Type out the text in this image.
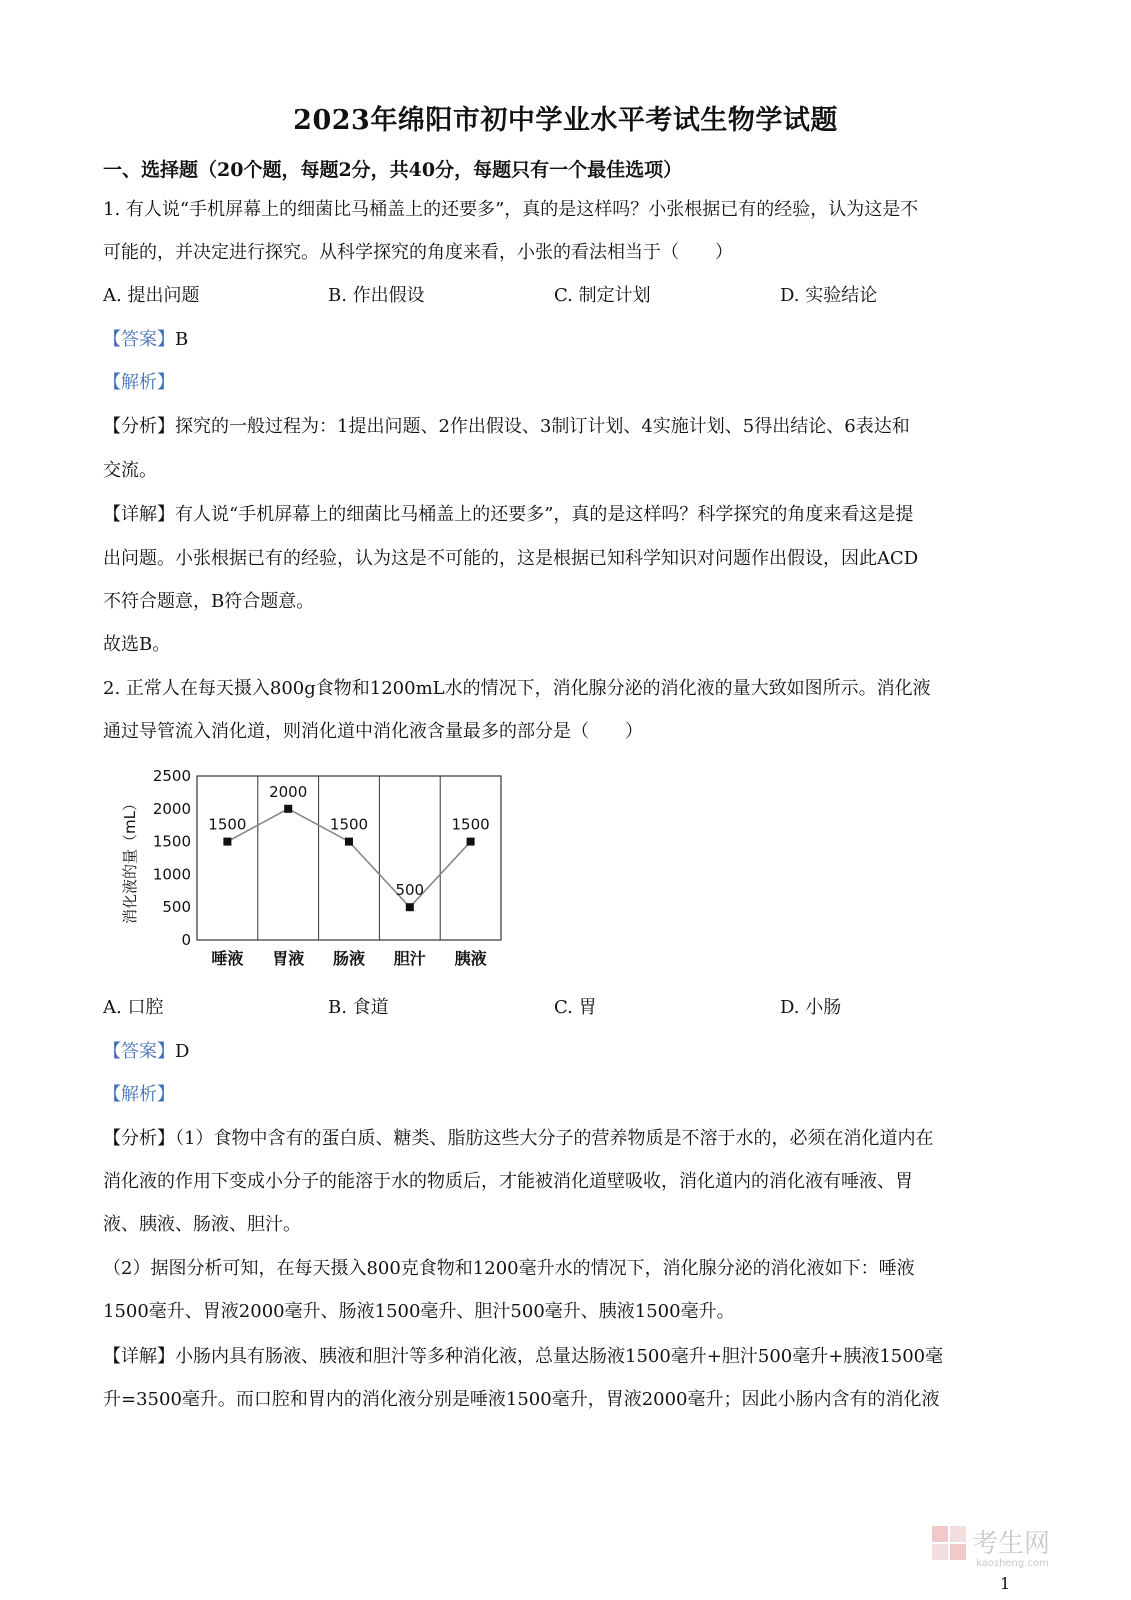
2023年绵阳市初中学业水平考试生物学试题
一、选择题（20个题，每题2分，共40分，每题只有一个最佳选项）
1. 有人说“手机屏幕上的细菌比马桶盖上的还要多”，真的是这样吗？小张根据已有的经验，认为这是不
可能的，并决定进行探究。从科学探究的角度来看，小张的看法相当于（　　）
A. 提出问题	B. 作出假设	C. 制定计划	D. 实验结论
【答案】B
【解析】
【分析】探究的一般过程为：1提出问题、2作出假设、3制订计划、4实施计划、5得出结论、6表达和
交流。
【详解】有人说“手机屏幕上的细菌比马桶盖上的还要多”，真的是这样吗？科学探究的角度来看这是提
出问题。小张根据已有的经验，认为这是不可能的，这是根据已知科学知识对问题作出假设，因此ACD
不符合题意，B符合题意。
故选B。
2. 正常人在每天摄入800g食物和1200mL水的情况下，消化腺分泌的消化液的量大致如图所示。消化液
通过导管流入消化道，则消化道中消化液含量最多的部分是（　　）
0
500
1000
1500
2000
2500
1500
2000
1500
500
1500
唾液 胃液 肠液 胆汁 胰液
消化液的量（mL）
A. 口腔	B. 食道	C. 胃	D. 小肠
【答案】D
【解析】
【分析】（1）食物中含有的蛋白质、糖类、脂肪这些大分子的营养物质是不溶于水的，必须在消化道内在
消化液的作用下变成小分子的能溶于水的物质后，才能被消化道壁吸收，消化道内的消化液有唾液、胃
液、胰液、肠液、胆汁。
（2）据图分析可知，在每天摄入800克食物和1200毫升水的情况下，消化腺分泌的消化液如下：唾液
1500毫升、胃液2000毫升、肠液1500毫升、胆汁500毫升、胰液1500毫升。
【详解】小肠内具有肠液、胰液和胆汁等多种消化液，总量达肠液1500毫升+胆汁500毫升+胰液1500毫
升=3500毫升。而口腔和胃内的消化液分别是唾液1500毫升，胃液2000毫升；因此小肠内含有的消化液
考生网
kaosheng.com
1
